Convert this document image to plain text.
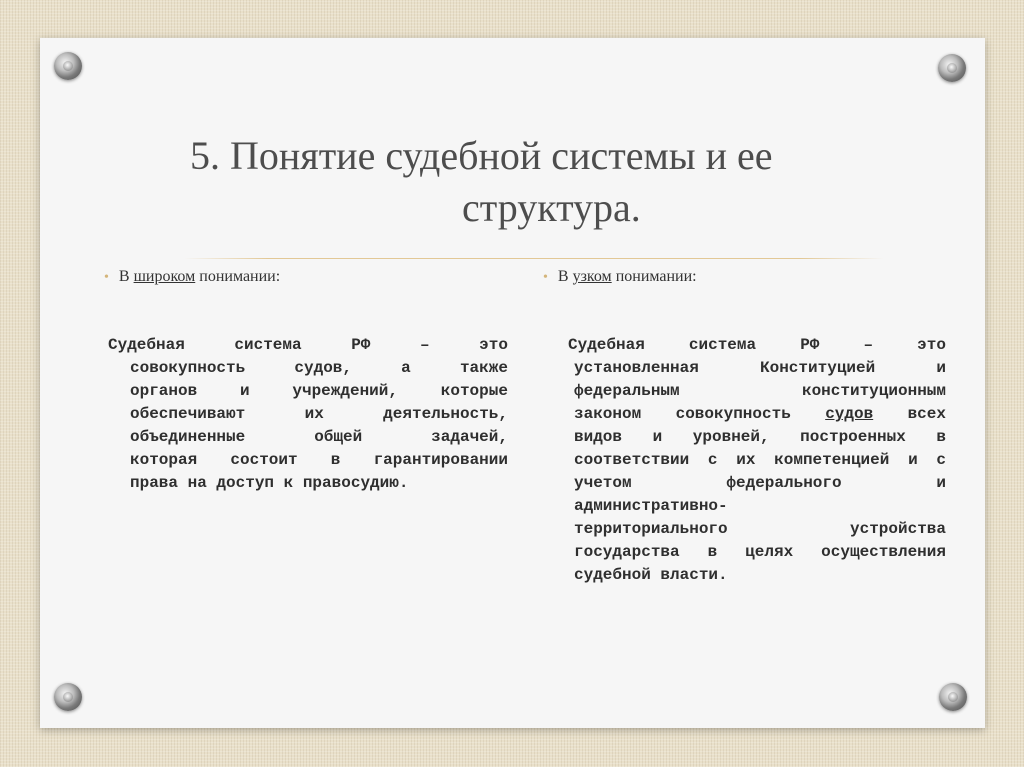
5. Понятие судебной системы и ее
структура.
• В широком понимании:	• В узком понимании:
Судебная	система	РФ	–	это
совокупность	судов,	а	также
органов	и	учреждений,	которые
обеспечивают	их	деятельность,
объединенные	общей	задачей,
которая состоит в гарантировании
права на доступ к правосудию.
Судебная	система	РФ	–	это
установленная	Конституцией	и
федеральным	конституционным
законом совокупность судов всех
видов и уровней, построенных в
соответствии с их компетенцией и с
учетом	федерального	и
административно-
территориального	устройства
государства в целях осуществления
судебной власти.
